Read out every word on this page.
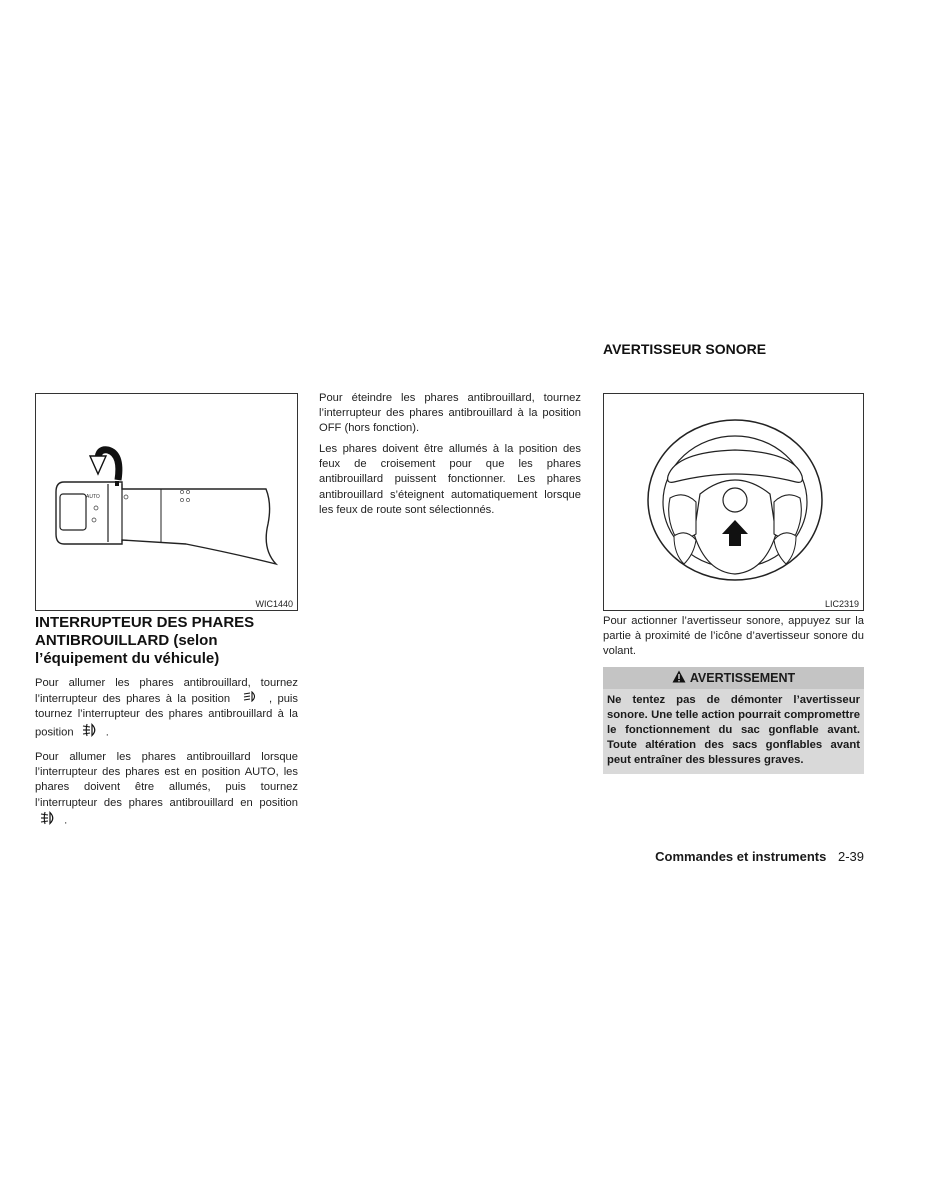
AUTO
WIC1440
INTERRUPTEUR DES PHARES ANTIBROUILLARD (selon l’équipement du véhicule)

Pour allumer les phares antibrouillard, tournez l’interrupteur des phares à la position	, puis tournez l’interrupteur des phares antibrouillard à la position	.

Pour allumer les phares antibrouillard lorsque l’interrupteur des phares est en position AUTO, les phares doivent être allumés, puis tournez l’interrupteur des phares antibrouillard en position  .

Pour éteindre les phares antibrouillard, tournez l’interrupteur des phares antibrouillard à la position OFF (hors fonction).

Les phares doivent être allumés à la position des feux de croisement pour que les phares antibrouillard puissent fonctionner. Les phares antibrouillard s’éteignent automatiquement lorsque les feux de route sont sélectionnés.

AVERTISSEUR SONORE
LIC2319

Pour actionner l’avertisseur sonore, appuyez sur la partie à proximité de l’icône d’avertisseur sonore du volant.

AVERTISSEMENT
Ne tentez pas de démonter l’avertisseur sonore. Une telle action pourrait compromettre le fonctionnement du sac gonflable avant. Toute altération des sacs gonflables avant peut entraîner des blessures graves.
Commandes et instruments 2-39
